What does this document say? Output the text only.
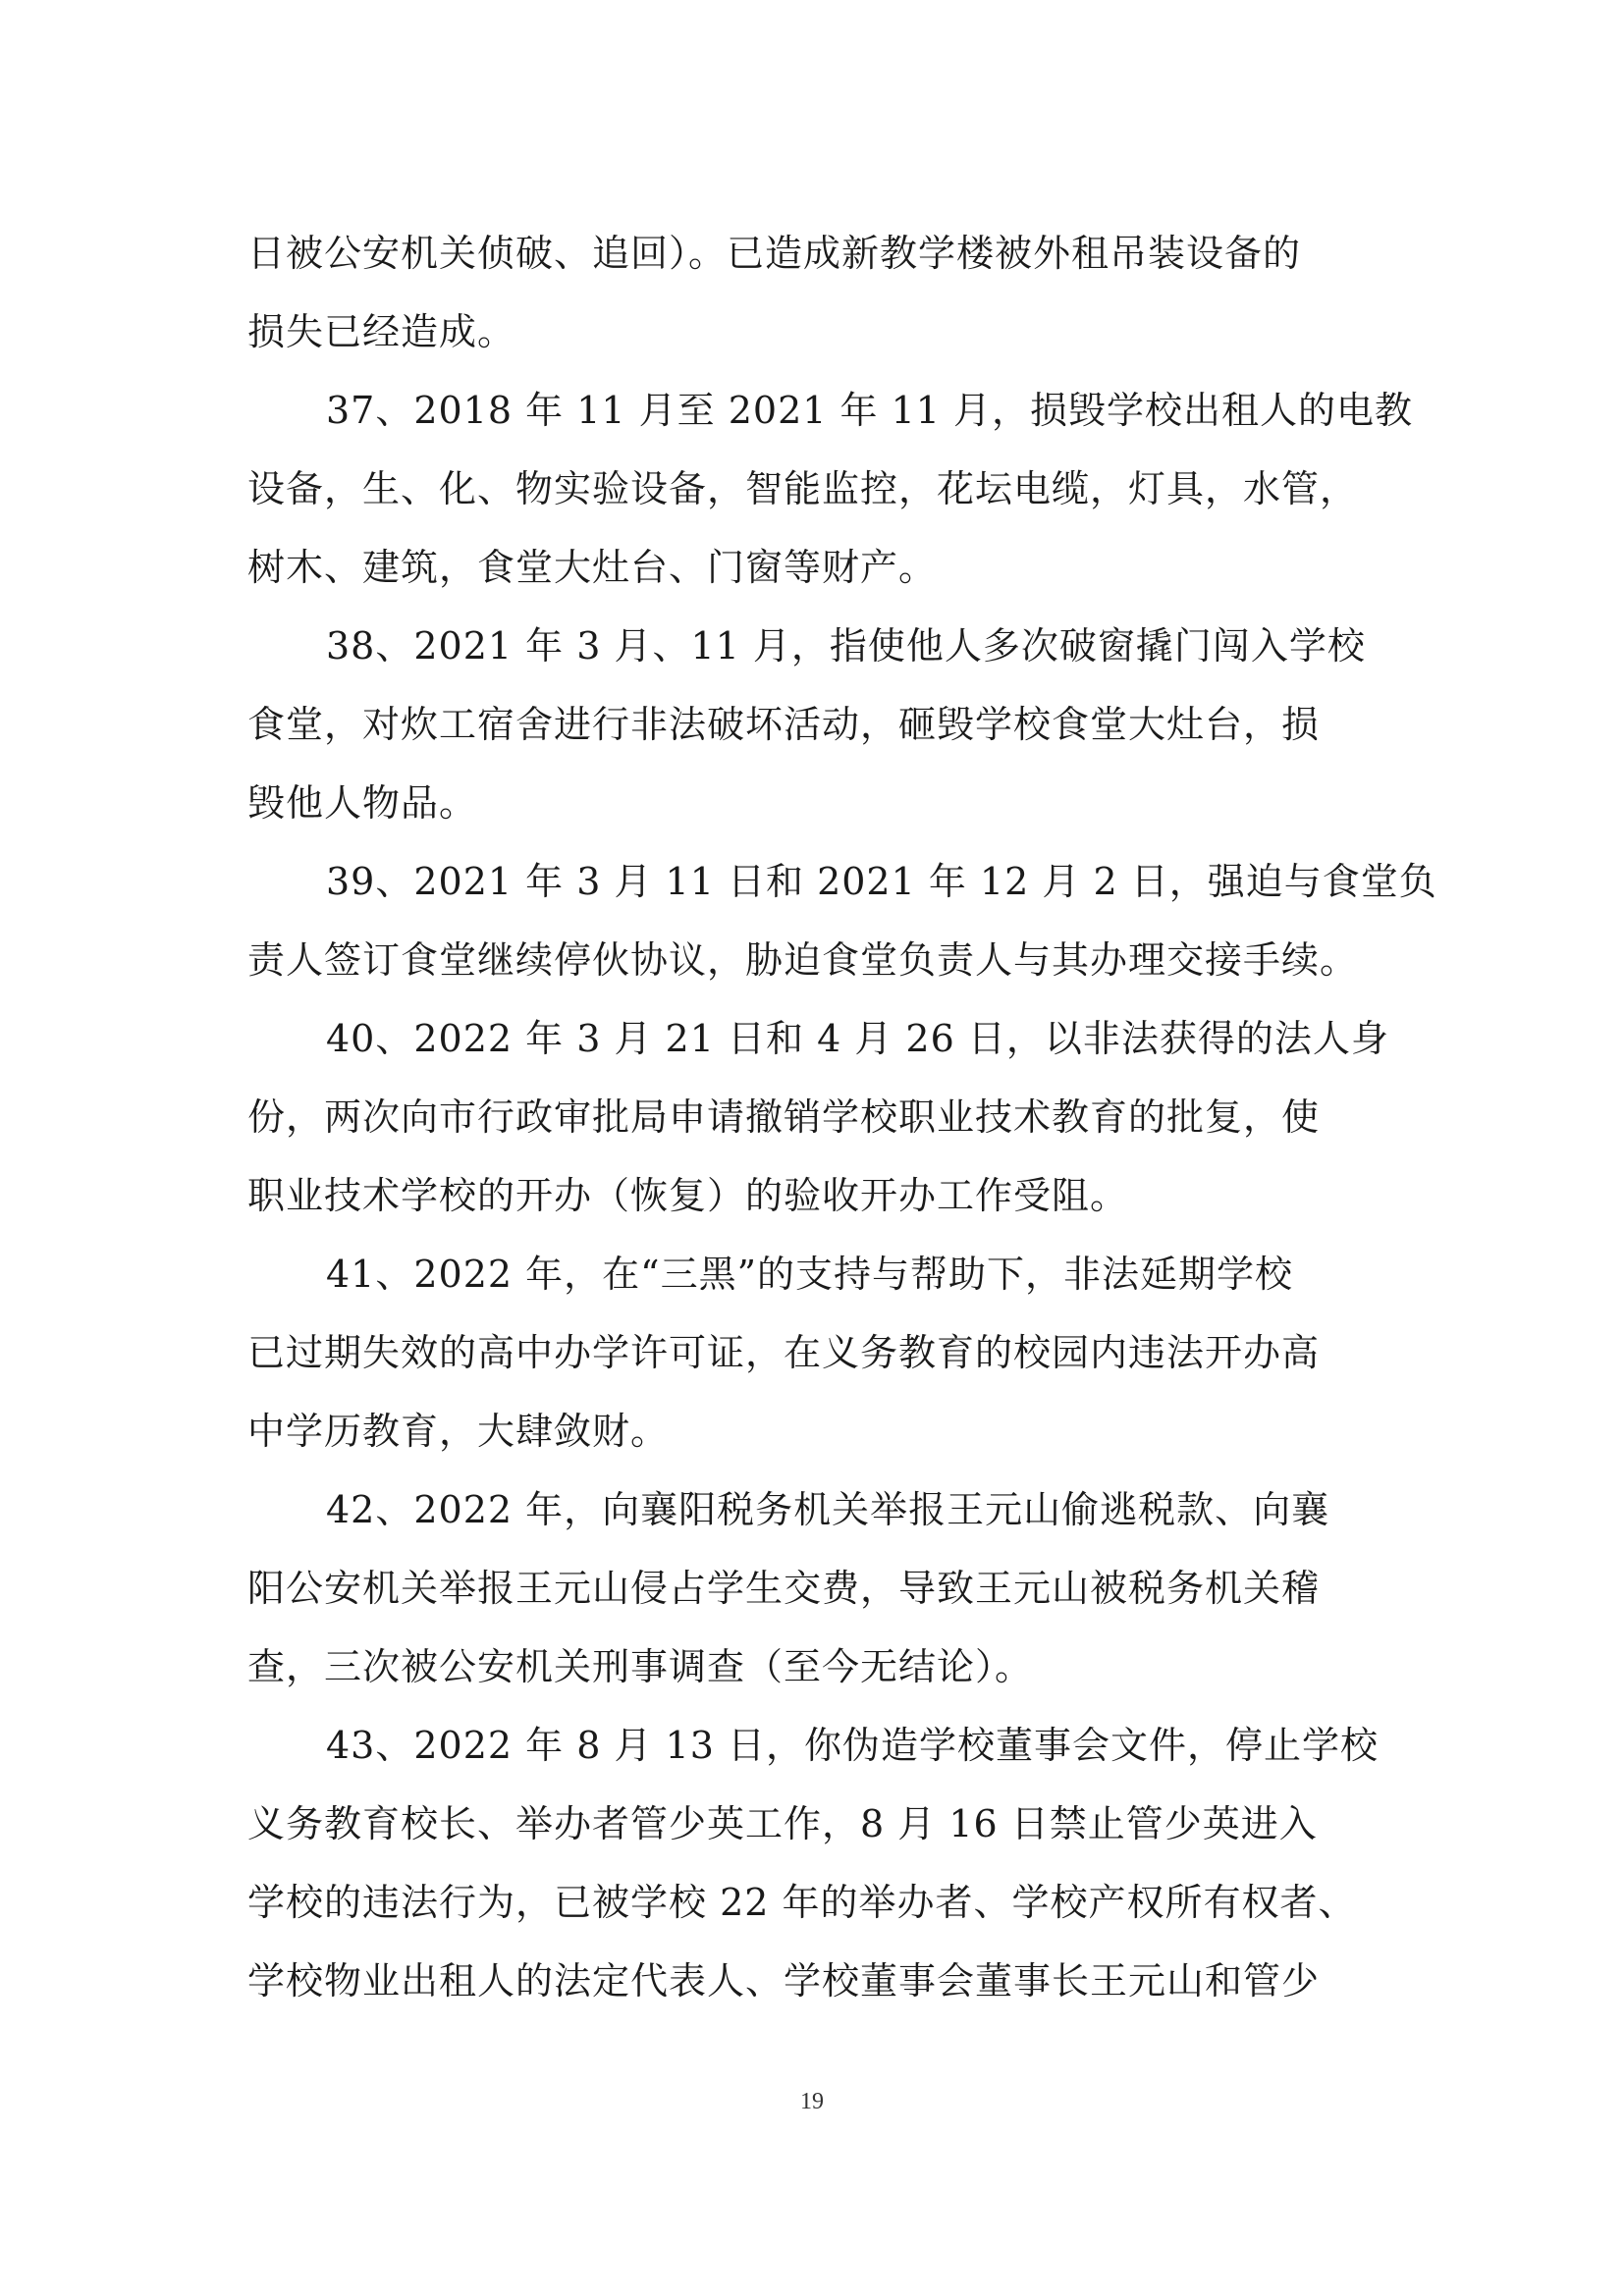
日被公安机关侦破、追回）。已造成新教学楼被外租吊装设备的
损失已经造成。
37、2018 年 11 月至 2021 年 11 月，损毁学校出租人的电教
设备，生、化、物实验设备，智能监控，花坛电缆，灯具，水管，
树木、建筑，食堂大灶台、门窗等财产。
38、2021 年 3 月、11 月，指使他人多次破窗撬门闯入学校
食堂，对炊工宿舍进行非法破坏活动，砸毁学校食堂大灶台，损
毁他人物品。
39、2021 年 3 月 11 日和 2021 年 12 月 2 日，强迫与食堂负
责人签订食堂继续停伙协议，胁迫食堂负责人与其办理交接手续。
40、2022 年 3 月 21 日和 4 月 26 日，以非法获得的法人身
份，两次向市行政审批局申请撤销学校职业技术教育的批复，使
职业技术学校的开办（恢复）的验收开办工作受阻。
41、2022 年，在“三黑”的支持与帮助下，非法延期学校
已过期失效的高中办学许可证，在义务教育的校园内违法开办高
中学历教育，大肆敛财。
42、2022 年，向襄阳税务机关举报王元山偷逃税款、向襄
阳公安机关举报王元山侵占学生交费，导致王元山被税务机关稽
查，三次被公安机关刑事调查（至今无结论）。
43、2022 年 8 月 13 日，你伪造学校董事会文件，停止学校
义务教育校长、举办者管少英工作，8 月 16 日禁止管少英进入
学校的违法行为，已被学校 22 年的举办者、学校产权所有权者、
学校物业出租人的法定代表人、学校董事会董事长王元山和管少
19
